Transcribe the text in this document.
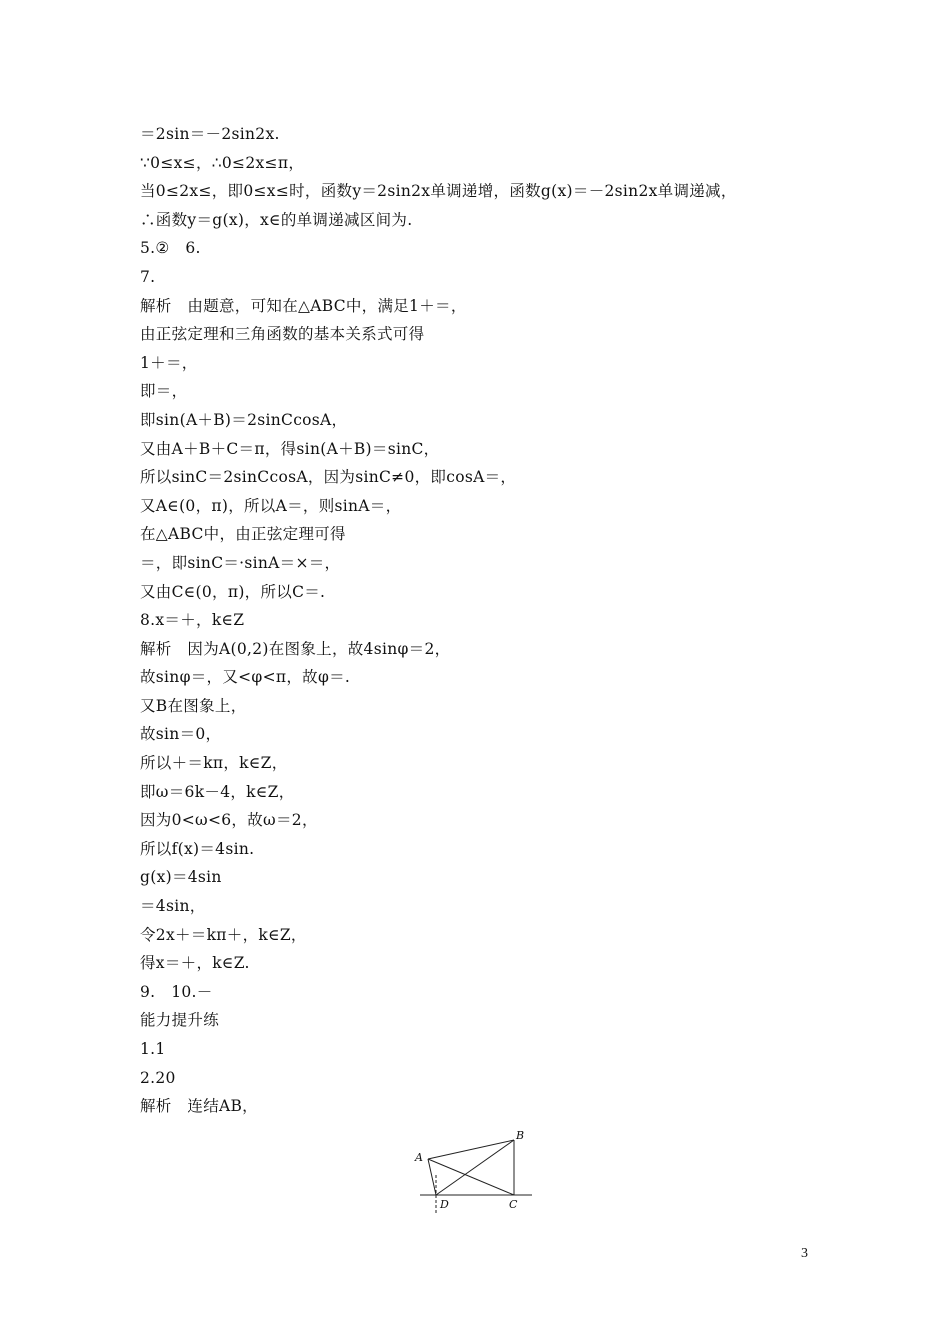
＝2sin＝－2sin2x.
∵0≤x≤，∴0≤2x≤π，
当0≤2x≤，即0≤x≤时，函数y＝2sin2x单调递增，函数g(x)＝－2sin2x单调递减，
∴函数y＝g(x)，x∈的单调递减区间为.
5.②　6.
7.
解析　由题意，可知在△ABC中，满足1＋＝，
由正弦定理和三角函数的基本关系式可得
1＋＝，
即＝，
即sin(A＋B)＝2sinCcosA，
又由A＋B＋C＝π，得sin(A＋B)＝sinC，
所以sinC＝2sinCcosA，因为sinC≠0，即cosA＝，
又A∈(0，π)，所以A＝，则sinA＝，
在△ABC中，由正弦定理可得
＝，即sinC＝·sinA＝×＝，
又由C∈(0，π)，所以C＝.
8.x＝＋，k∈Z
解析　因为A(0,2)在图象上，故4sinφ＝2，
故sinφ＝，又<φ<π，故φ＝.
又B在图象上，
故sin＝0，
所以＋＝kπ，k∈Z，
即ω＝6k－4，k∈Z，
因为0<ω<6，故ω＝2，
所以f(x)＝4sin.
g(x)＝4sin
＝4sin，
令2x＋＝kπ＋，k∈Z，
得x＝＋，k∈Z.
9.　10.－
能力提升练
1.1
2.20
解析　连结AB，
A
B
C
D
3
